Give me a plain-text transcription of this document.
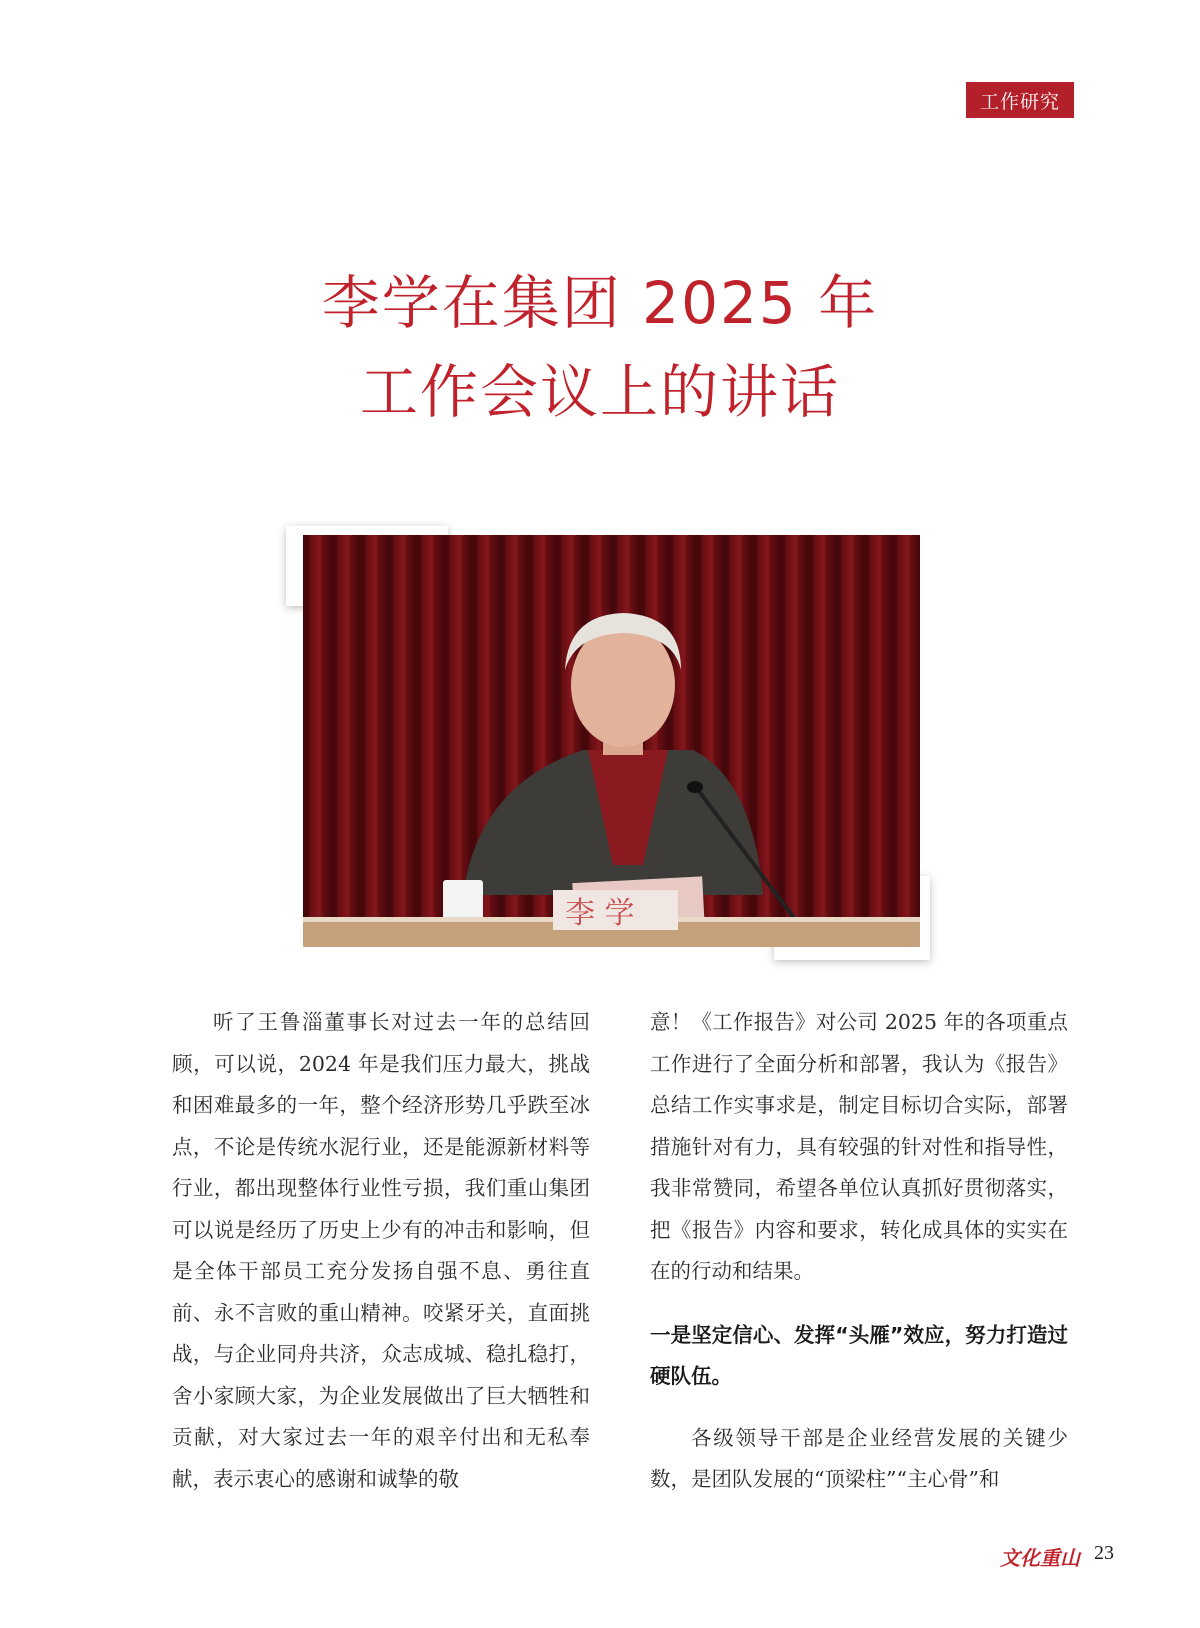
工作研究
李学在集团 2025 年
工作会议上的讲话
李 学

听了王鲁淄董事长对过去一年的总结回顾，可以说，2024 年是我们压力最大，挑战和困难最多的一年，整个经济形势几乎跌至冰点，不论是传统水泥行业，还是能源新材料等行业，都出现整体行业性亏损，我们重山集团可以说是经历了历史上少有的冲击和影响，但是全体干部员工充分发扬自强不息、勇往直前、永不言败的重山精神。咬紧牙关，直面挑战，与企业同舟共济，众志成城、稳扎稳打，舍小家顾大家，为企业发展做出了巨大牺牲和贡献，对大家过去一年的艰辛付出和无私奉献，表示衷心的感谢和诚挚的敬

意！《工作报告》对公司 2025 年的各项重点工作进行了全面分析和部署，我认为《报告》总结工作实事求是，制定目标切合实际，部署措施针对有力，具有较强的针对性和指导性，我非常赞同，希望各单位认真抓好贯彻落实，把《报告》内容和要求，转化成具体的实实在在的行动和结果。

一是坚定信心、发挥“头雁”效应，努力打造过硬队伍。

各级领导干部是企业经营发展的关键少数，是团队发展的“顶梁柱”“主心骨”和

文化重山 23
